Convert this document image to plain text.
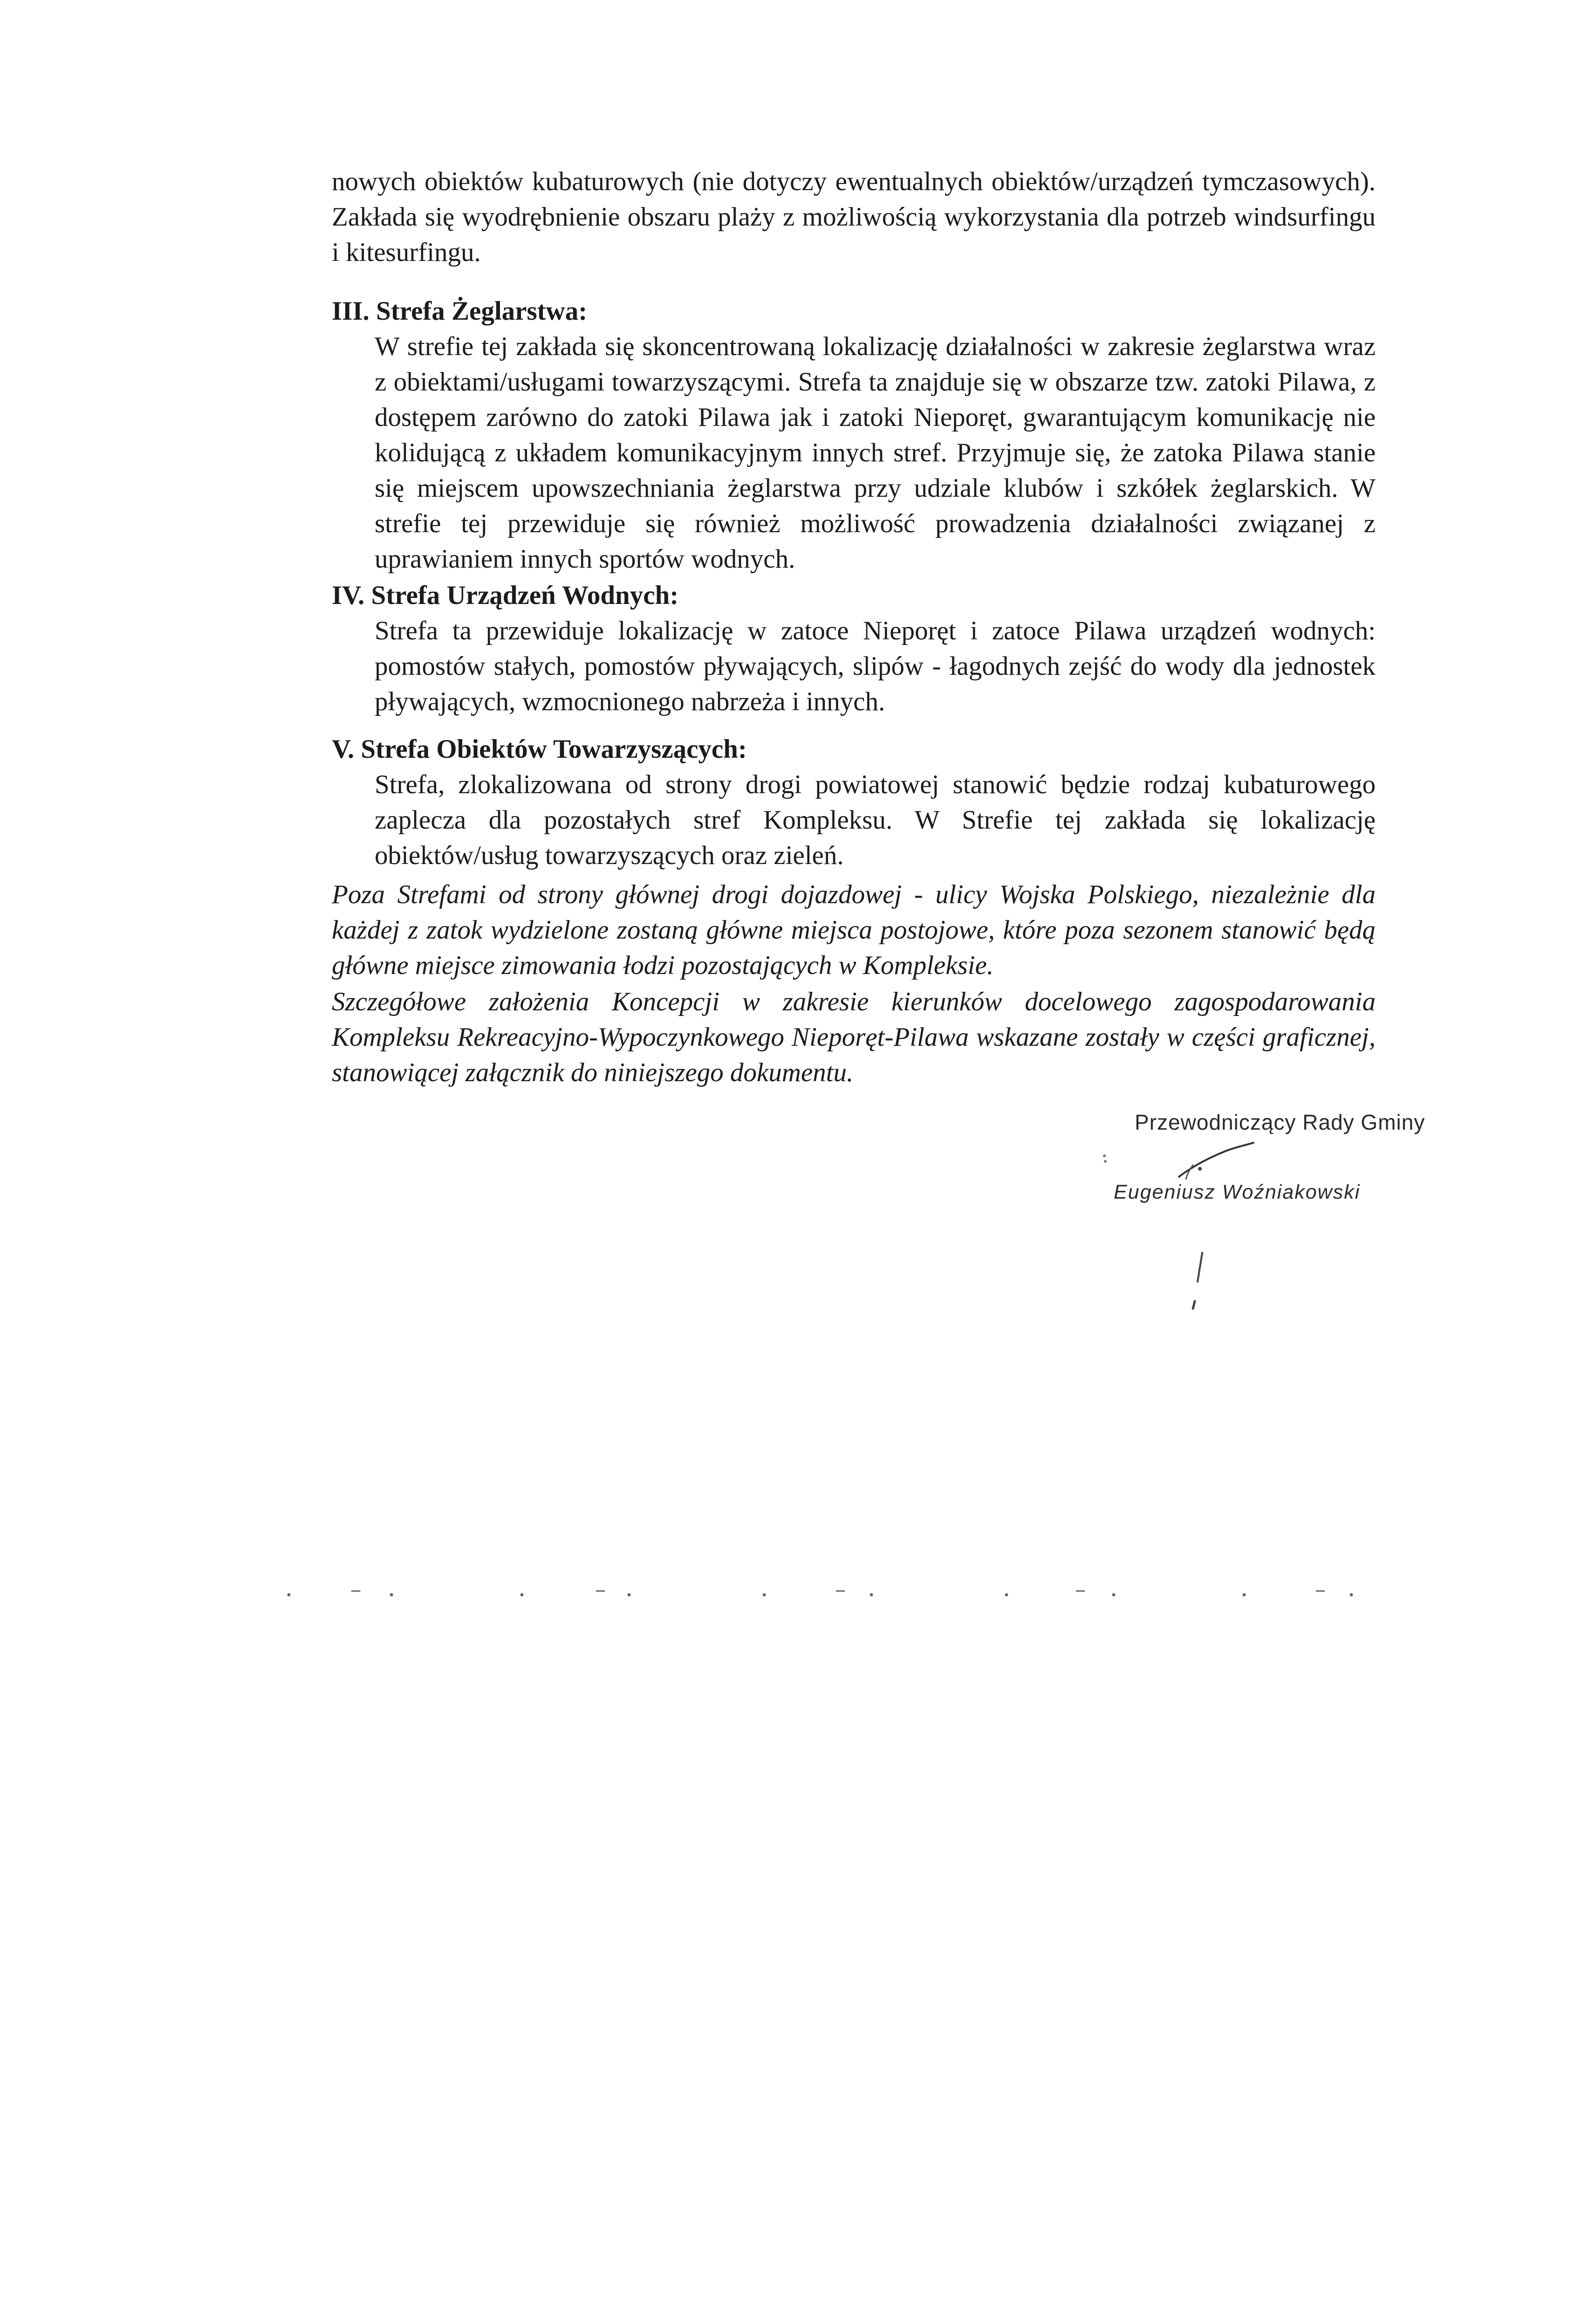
nowych obiektów kubaturowych (nie dotyczy ewentualnych obiektów/urządzeń tymczasowych). Zakłada się wyodrębnienie obszaru plaży z możliwością wykorzystania dla potrzeb windsurfingu i kitesurfingu.

III. Strefa Żeglarstwa:

W strefie tej zakłada się skoncentrowaną lokalizację działalności w zakresie żeglarstwa wraz z obiektami/usługami towarzyszącymi. Strefa ta znajduje się w obszarze tzw. zatoki Pilawa, z dostępem zarówno do zatoki Pilawa jak i zatoki Nieporęt, gwarantującym komunikację nie kolidującą z układem komunikacyjnym innych stref. Przyjmuje się, że zatoka Pilawa stanie się miejscem upowszechniania żeglarstwa przy udziale klubów i szkółek żeglarskich. W strefie tej przewiduje się również możliwość prowadzenia działalności związanej z uprawianiem innych sportów wodnych.

IV. Strefa Urządzeń Wodnych:

Strefa ta przewiduje lokalizację w zatoce Nieporęt i zatoce Pilawa urządzeń wodnych: pomostów stałych, pomostów pływających, slipów - łagodnych zejść do wody dla jednostek pływających, wzmocnionego nabrzeża i innych.

V. Strefa Obiektów Towarzyszących:

Strefa, zlokalizowana od strony drogi powiatowej stanowić będzie rodzaj kubaturowego zaplecza dla pozostałych stref Kompleksu. W Strefie tej zakłada się lokalizację obiektów/usług towarzyszących oraz zieleń.

Poza Strefami od strony głównej drogi dojazdowej - ulicy Wojska Polskiego, niezależnie dla każdej z zatok wydzielone zostaną główne miejsca postojowe, które poza sezonem stanowić będą główne miejsce zimowania łodzi pozostających w Kompleksie.

Szczegółowe założenia Koncepcji w zakresie kierunków docelowego zagospodarowania Kompleksu Rekreacyjno-Wypoczynkowego Nieporęt-Pilawa wskazane zostały w części graficznej, stanowiącej załącznik do niniejszego dokumentu.

Przewodniczący Rady Gminy
Eugeniusz Woźniakowski
